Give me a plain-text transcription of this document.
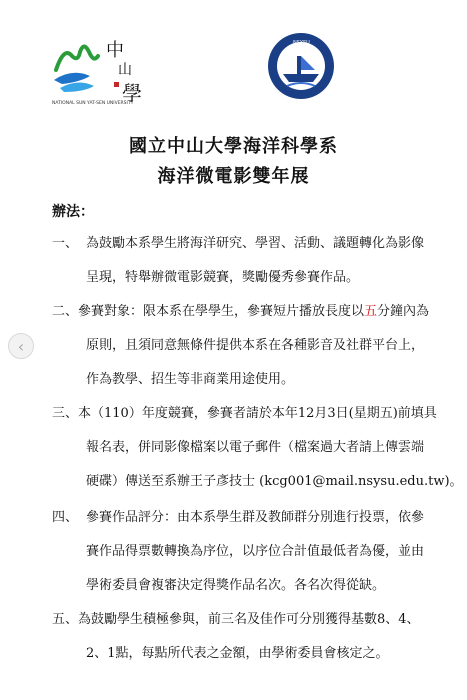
中
山
學
NATIONAL SUN YAT-SEN UNIVERSITY
NSYSU
‹
國立中山大學海洋科學系
海洋微電影雙年展
辦法：
一、 為鼓勵本系學生將海洋研究、學習、活動、議題轉化為影像
呈現，特舉辦微電影競賽，獎勵優秀參賽作品。
二、 參賽對象：限本系在學學生，參賽短片播放長度以五分鐘內為
原則，且須同意無條件提供本系在各種影音及社群平台上，
作為教學、招生等非商業用途使用。
三、 本（110）年度競賽，參賽者請於本年12月3日(星期五)前填具
報名表，併同影像檔案以電子郵件（檔案過大者請上傳雲端
硬碟）傳送至系辦王子彥技士 (kcg001@mail.nsysu.edu.tw)。
四、 參賽作品評分：由本系學生群及教師群分別進行投票，依參
賽作品得票數轉換為序位，以序位合計值最低者為優，並由
學術委員會複審決定得獎作品名次。各名次得從缺。
五、 為鼓勵學生積極參與，前三名及佳作可分別獲得基數8、4、
2、1點，每點所代表之金額，由學術委員會核定之。
